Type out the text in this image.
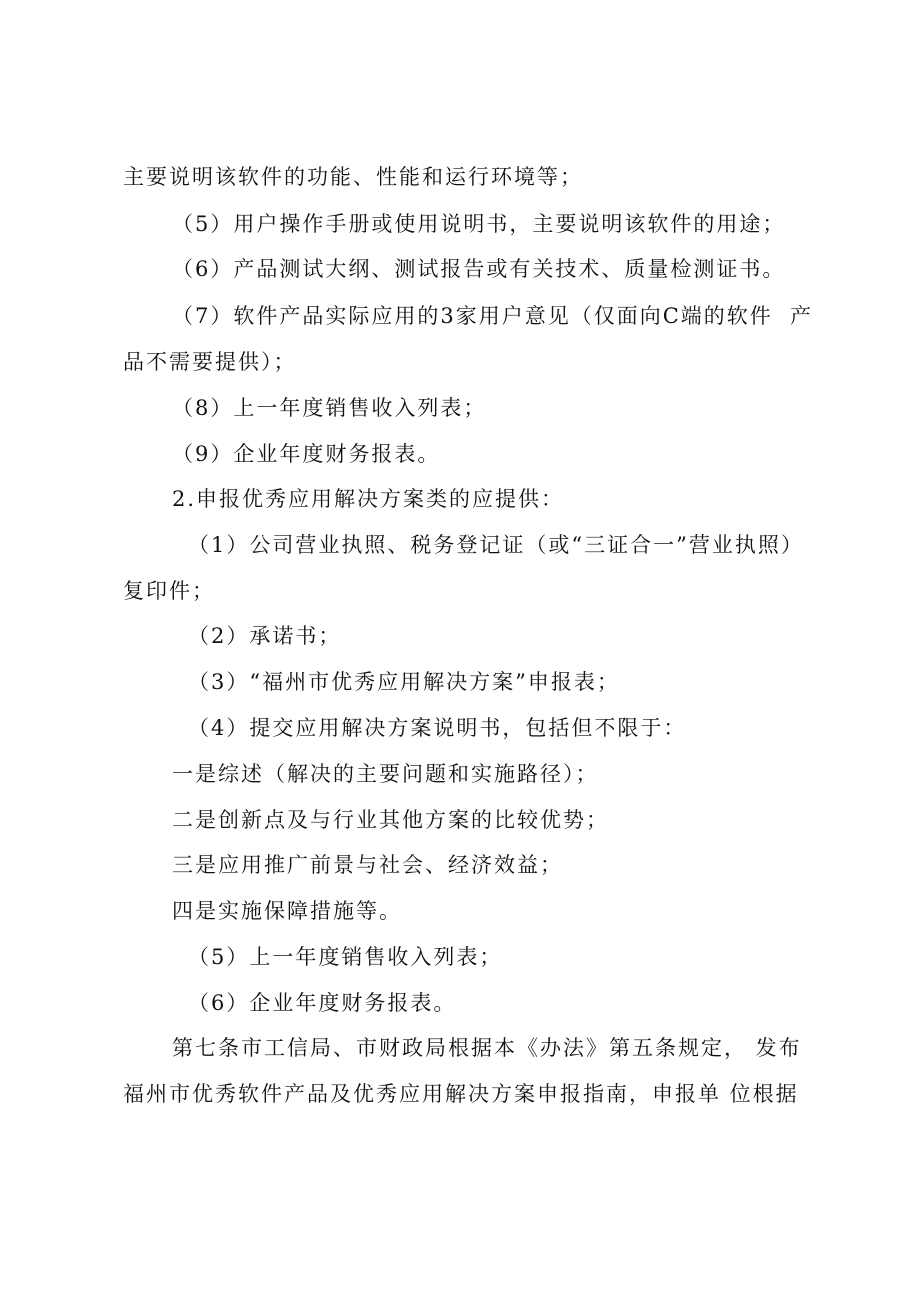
主要说明该软件的功能、性能和运行环境等；
（5）用户操作手册或使用说明书，主要说明该软件的用途；
（6）产品测试大纲、测试报告或有关技术、质量检测证书。
（7）软件产品实际应用的3家用户意见（仅面向C端的软件 产
品不需要提供）；
（8）上一年度销售收入列表；
（9）企业年度财务报表。
2.申报优秀应用解决方案类的应提供：
（1）公司营业执照、税务登记证（或“三证合一”营业执照）
复印件；
（2）承诺书；
（3）“福州市优秀应用解决方案”申报表；
（4）提交应用解决方案说明书，包括但不限于：
一是综述（解决的主要问题和实施路径）；
二是创新点及与行业其他方案的比较优势；
三是应用推广前景与社会、经济效益；
四是实施保障措施等。
（5）上一年度销售收入列表；
（6）企业年度财务报表。
第七条市工信局、市财政局根据本《办法》第五条规定， 发布
福州市优秀软件产品及优秀应用解决方案申报指南，申报单 位根据
